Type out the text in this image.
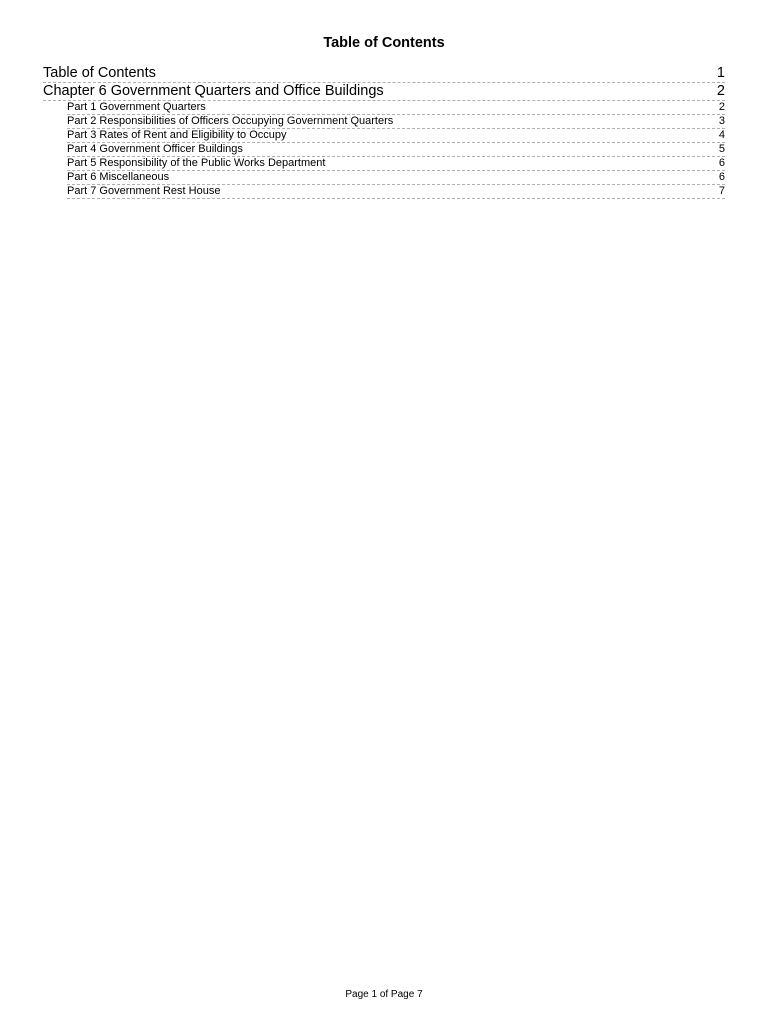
Table of Contents
Table of Contents	1
Chapter 6 Government Quarters and Office Buildings	2
Part 1 Government Quarters	2
Part 2 Responsibilities of Officers Occupying Government Quarters	3
Part 3 Rates of Rent and Eligibility to Occupy	4
Part 4 Government Officer Buildings	5
Part 5 Responsibility of the Public Works Department	6
Part 6 Miscellaneous	6
Part 7 Government Rest House	7
Page 1 of Page 7
